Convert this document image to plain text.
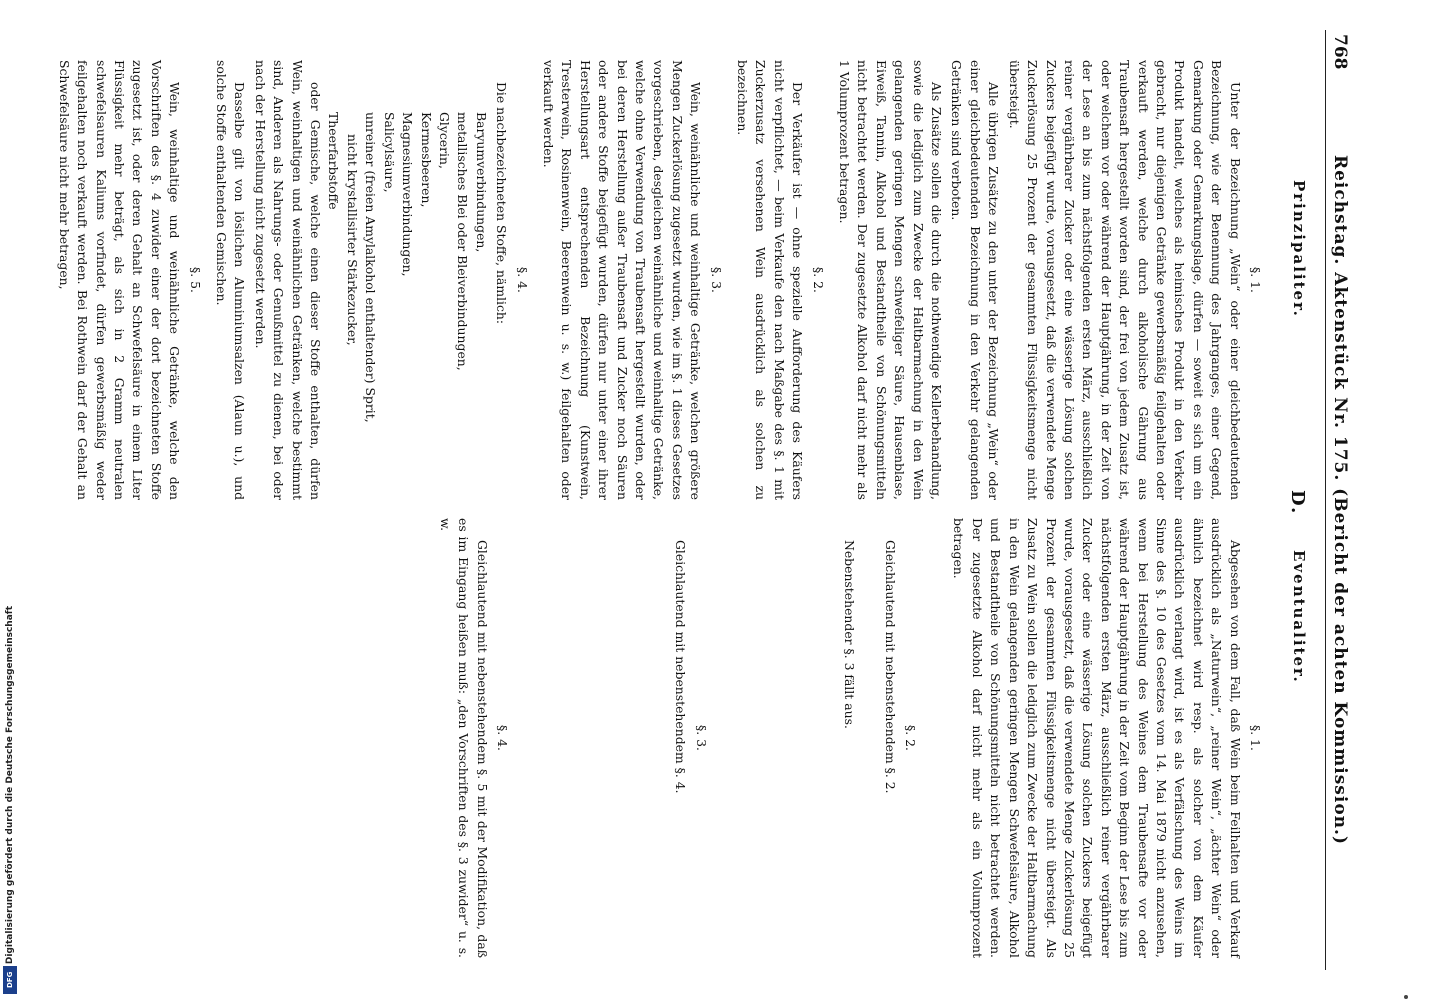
768
Reichstag. Aktenstück Nr. 175. (Bericht der achten Kommission.)
Prinzipaliter.
Eventualiter.
D.
§. 1.

Unter der Bezeichnung „Wein“ oder einer gleichbedeutenden Bezeichnung, wie der Benennung des Jahrganges, einer Gegend, Gemarkung oder Gemarkungslage, dürfen — soweit es sich um ein Produkt handelt, welches als heimisches Produkt in den Verkehr gebracht, nur diejenigen Getränke gewerbsmäßig feilgehalten oder verkauft werden, welche durch alkoholische Gährung aus Traubensaft hergestellt worden sind, der frei von jedem Zusatz ist, oder welchem vor oder während der Hauptgährung, in der Zeit von der Lese an bis zum nächstfolgenden ersten März, ausschließlich reiner vergährbarer Zucker oder eine wässerige Lösung solchen Zuckers beigefügt wurde, vorausgesetzt, daß die verwendete Menge Zuckerlösung 25 Prozent der gesammten Flüssigkeitsmenge nicht übersteigt.

Alle übrigen Zusätze zu den unter der Bezeichnung „Wein“ oder einer gleichbedeutenden Bezeichnung in den Verkehr gelangenden Getränken sind verboten.

Als Zusätze sollen die durch die nothwendige Kellerbehandlung, sowie die lediglich zum Zwecke der Haltbarmachung in den Wein gelangenden geringen Mengen schwefeliger Säure, Hausenblase, Eiweiß, Tannin, Alkohol und Bestandtheile von Schönungsmitteln nicht betrachtet werden. Der zugesetzte Alkohol darf nicht mehr als 1 Volumprozent betragen.

§. 2.

Der Verkäufer ist — ohne spezielle Aufforderung des Käufers nicht verpflichtet, — beim Verkaufe den nach Maßgabe des §. 1 mit Zuckerzusatz versehenen Wein ausdrücklich als solchen zu bezeichnen.

§. 3.

Wein, weinähnliche und weinhaltige Getränke, welchen größere Mengen Zuckerlösung zugesetzt wurden, wie im §. 1 dieses Gesetzes vorgeschrieben, desgleichen weinähnliche und weinhaltige Getränke, welche ohne Verwendung von Traubensaft hergestellt wurden, oder bei deren Herstellung außer Traubensaft und Zucker noch Säuren oder andere Stoffe beigefügt wurden, dürfen nur unter einer ihrer Herstellungsart entsprechenden Bezeichnung (Kunstwein, Tresterwein, Rosinenwein, Beerenwein u. s. w.) feilgehalten oder verkauft werden.

§. 4.

Die nachbezeichneten Stoffe, nämlich:

Baryumverbindungen,
metallisches Blei oder Bleiverbindungen,
Glycerin,
Kermesbeeren,
Magnesiumverbindungen,
Salicylsäure,
unreiner (freien Amylalkohol enthaltender) Sprit,
nicht krystallisirter Stärkezucker,
Theerfarbstoffe

oder Gemische, welche einen dieser Stoffe enthalten, dürfen Wein, weinhaltigen und weinähnlichen Getränken, welche bestimmt sind, Anderen als Nahrungs- oder Genußmittel zu dienen, bei oder nach der Herstellung nicht zugesetzt werden.

Dasselbe gilt von löslichen Aluminiumsalzen (Alaun u.), und solche Stoffe enthaltenden Gemischen.

§. 5.

Wein, weinhaltige und weinähnliche Getränke, welche den Vorschriften des §. 4 zuwider einer der dort bezeichneten Stoffe zugesetzt ist, oder deren Gehalt an Schwefelsäure in einem Liter Flüssigkeit mehr beträgt, als sich in 2 Gramm neutralen schwefelsauren Kaliums vorfindet, dürfen gewerbsmäßig weder feilgehalten noch verkauft werden. Bei Rothwein darf der Gehalt an Schwefelsäure nicht mehr betragen,

§. 1.

Abgesehen von dem Fall, daß Wein beim Feilhalten und Verkauf ausdrücklich als „Naturwein“, „reiner Wein“, „ächter Wein“ oder ähnlich bezeichnet wird resp. als solcher von dem Käufer ausdrücklich verlangt wird, ist es als Verfälschung des Weins im Sinne des §. 10 des Gesetzes vom 14. Mai 1879 nicht anzusehen, wenn bei Herstellung des Weines dem Traubensafte vor oder während der Hauptgährung in der Zeit vom Beginn der Lese bis zum nächstfolgenden ersten März, ausschließlich reiner vergährbarer Zucker oder eine wässerige Lösung solchen Zuckers beigefügt wurde, vorausgesetzt, daß die verwendete Menge Zuckerlösung 25 Prozent der gesammten Flüssigkeitsmenge nicht übersteigt. Als Zusatz zu Wein sollen die lediglich zum Zwecke der Haltbarmachung in den Wein gelangenden geringen Mengen Schwefelsäure, Alkohol und Bestandtheile von Schönungsmitteln nicht betrachtet werden. Der zugesetzte Alkohol darf nicht mehr als ein Volumprozent betragen.

§. 2.

Gleichlautend mit nebenstehendem §. 2.

Nebenstehender §. 3 fällt aus.

§. 3.

Gleichlautend mit nebenstehendem §. 4.

§. 4.

Gleichlautend mit nebenstehendem §. 5 mit der Modifikation, daß es im Eingang heißen muß: „den Vorschriften des §. 3 zuwider“ u. s. w.

Digitalisierung gefördert durch die Deutsche Forschungsgemeinschaft
DFG
